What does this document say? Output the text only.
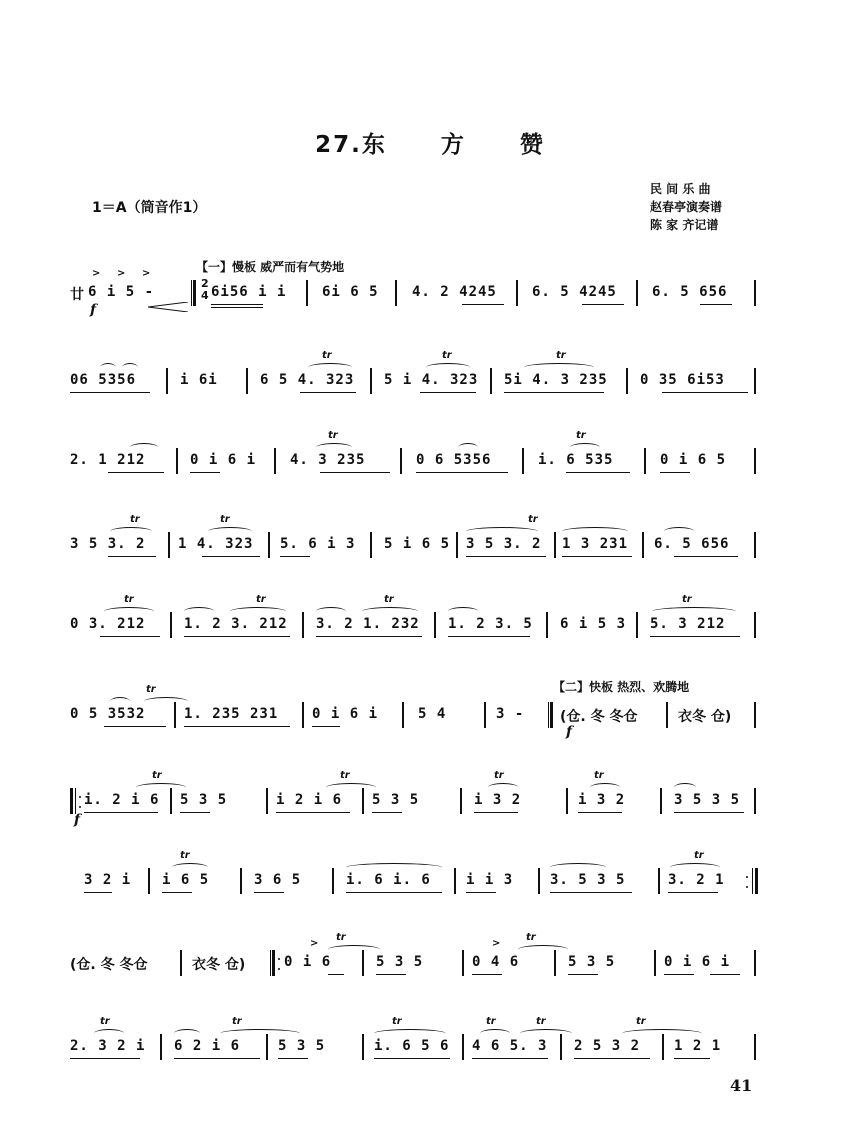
27.东 方 赞
1＝A（筒音作1）
民 间 乐 曲
赵春亭演奏谱
陈 家 齐记谱
【一】慢板 威严而有气势地
【二】快板 热烈、欢腾地
廿
> > >
6 i 5 -
f
2
4 6i56 i i	6i 6 5 4. 2 4245	6. 5 4245	6. 5 656
06 5356	i 6i	6 5 4. 323
tr
5 i 4. 323
tr
5i 4. 3 235
tr
0 35 6i53
2. 1 212	0 i 6 i 4. 3 235
tr
0 6 5356	i. 6 535
tr
0 i 6 5
3 5 3. 2
tr
1 4. 323
tr
5. 6 i 3 5 i 6 5 3 5 3. 2
tr
1 3 231 6. 5 656
0 3. 212
tr
1. 2 3. 212
tr
3. 2 1. 232
tr
1. 2 3. 5 6 i 5 3 5. 3 212
tr
0 5 3532
tr
1. 235 231 0 i 6 i	5 4	3 -	(仓. 冬 冬仓
f
衣冬 仓)
i. 2 i 6
f
tr
5 3 5	i 2 i 6
tr
5 3 5	i 3 2
tr
i 3 2
tr
3 5 3 5
3 2 i i 6 5
tr
3 6 5	i. 6 i. 6	i i 3	3. 5 3 5	3. 2 1
tr
(仓. 冬 冬仓	衣冬 仓)
>
0 i 6
tr
5 3 5
>
0 4 6
tr
5 3 5	0 i 6 i
2. 3 2 i
tr
6 2 i 6
tr
5 3 5	i. 6 5 6
tr
4 6 5. 3
tr	tr
2 5 3 2
tr
1 2 1
41
